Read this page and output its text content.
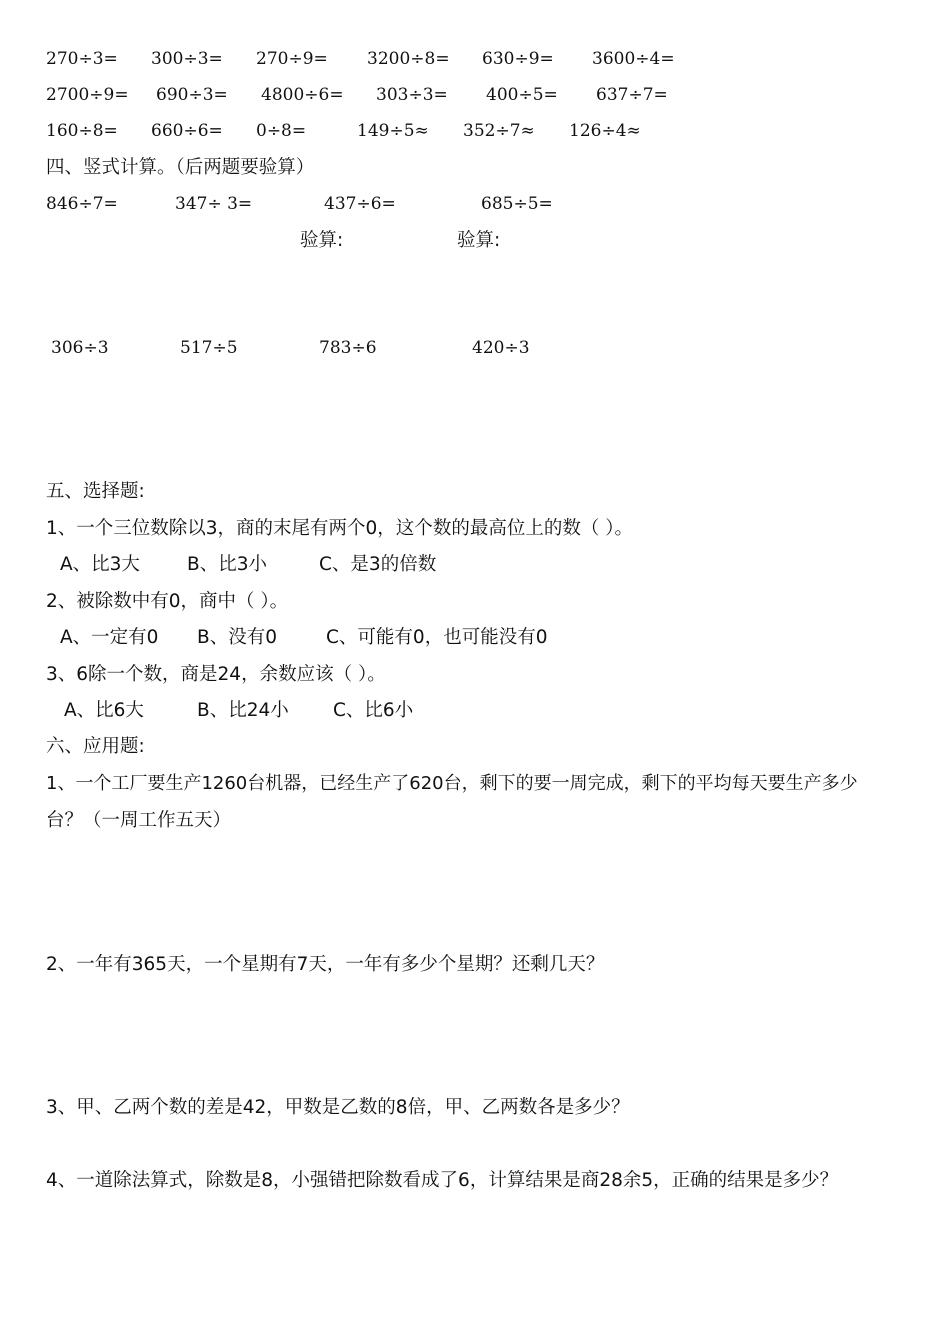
270÷3= 300÷3= 270÷9= 3200÷8= 630÷9= 3600÷4=
2700÷9= 690÷3= 4800÷6= 303÷3= 400÷5= 637÷7=
160÷8= 660÷6= 0÷8=	149÷5≈ 352÷7≈ 126÷4≈
四、竖式计算。（后两题要验算）
846÷7=	347÷ 3=	437÷6=	685÷5=
验算:	验算:
306÷3	517÷5	783÷6	420÷3
五、选择题:
1、一个三位数除以3，商的末尾有两个0，这个数的最高位上的数（ ）。
A、比3大	B、比3小	C、是3的倍数
2、被除数中有0，商中（ ）。
A、一定有0 B、没有0	C、可能有0，也可能没有0
3、6除一个数，商是24，余数应该（ ）。
A、比6大	B、比24小 C、比6小
六、应用题:
1、一个工厂要生产1260台机器，已经生产了620台，剩下的要一周完成，剩下的平均每天要生产多少
台？（一周工作五天）
2、一年有365天，一个星期有7天，一年有多少个星期？还剩几天？
3、甲、乙两个数的差是42，甲数是乙数的8倍，甲、乙两数各是多少？
4、一道除法算式，除数是8，小强错把除数看成了6，计算结果是商28余5，正确的结果是多少？
